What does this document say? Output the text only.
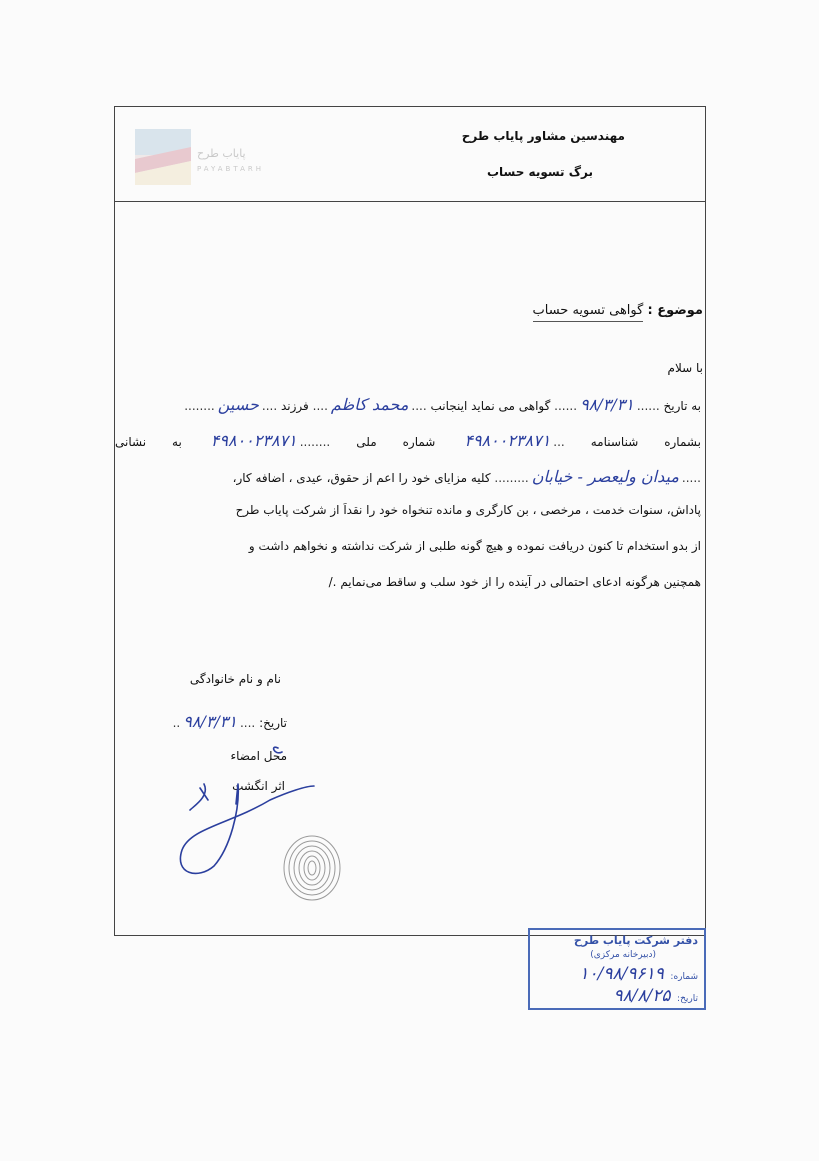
پایاب طرح
PAYABTARH
مهندسین مشاور پایاب طرح
برگ تسویه حساب
موضوع : گواهی تسویه حساب
با سلام
به تاریخ ......۹۸/۳/۳۱...... گواهی می نماید اینجانب ....محمد کاظم.... فرزند ....حسین........
بشماره شناسنامه ...۴۹۸۰۰۲۳۸۷۱ شماره ملی ........۴۹۸۰۰۲۳۸۷۱ به نشانی
.....میدان ولیعصر - خیابان......... کلیه مزایای خود را اعم از حقوق، عیدی ، اضافه کار،
پاداش، سنوات خدمت ، مرخصی ، بن کارگری و مانده تنخواه خود را نقداً از شرکت پایاب طرح
از بدو استخدام تا کنون دریافت نموده و هیچ گونه طلبی از شرکت نداشته و نخواهم داشت و
همچنین هرگونه ادعای احتمالی در آینده را از خود سلب و ساقط می‌نمایم ./
نام و نام خانوادگی
تاریخ: ....۹۸/۳/۳۱..
محل امضاء
اثر انگشت
دفتر شرکت پایاب طرح
(دبیرخانه مرکزی)
شماره: ۱۰/۹۸/۹۶۱۹
تاریخ: ۹۸/۸/۲۵
